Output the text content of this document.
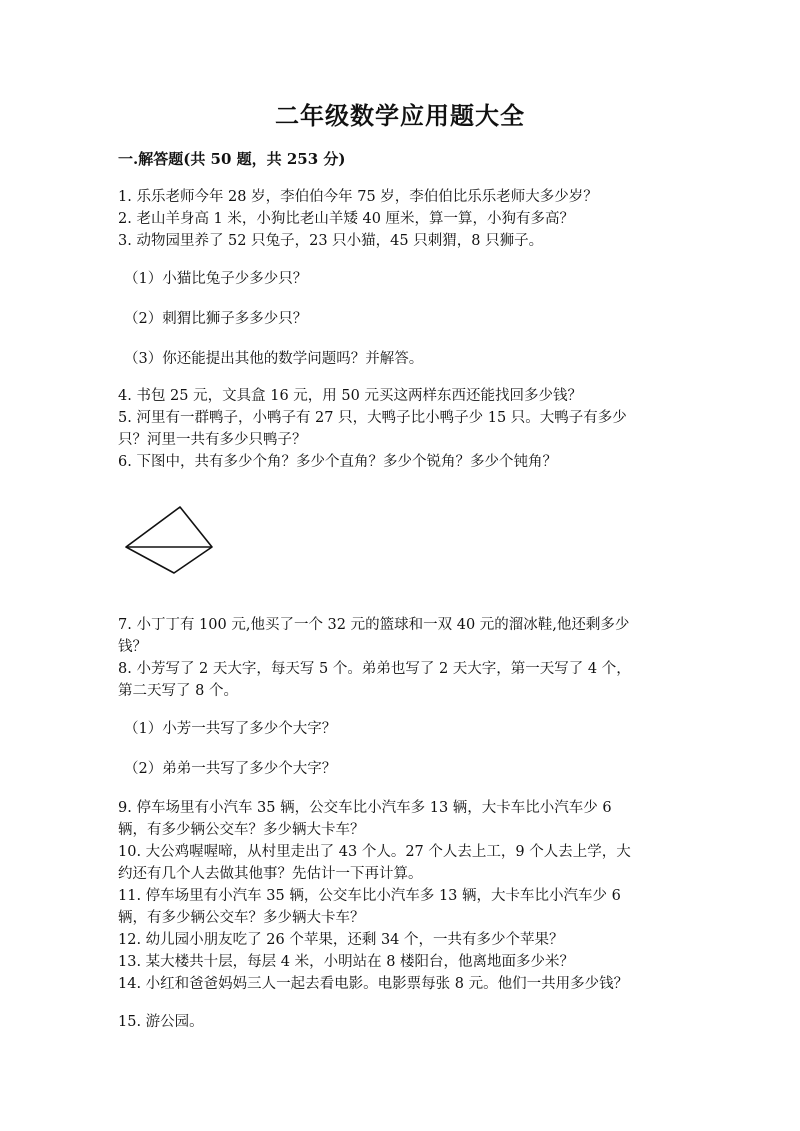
二年级数学应用题大全

一.解答题(共 50 题，共 253 分)

1. 乐乐老师今年 28 岁，李伯伯今年 75 岁，李伯伯比乐乐老师大多少岁？

2. 老山羊身高 1 米，小狗比老山羊矮 40 厘米，算一算，小狗有多高？

3. 动物园里养了 52 只兔子，23 只小猫，45 只刺猬，8 只狮子。

（1）小猫比兔子少多少只？

（2）刺猬比狮子多多少只？

（3）你还能提出其他的数学问题吗？并解答。

4. 书包 25 元，文具盒 16 元，用 50 元买这两样东西还能找回多少钱？

5. 河里有一群鸭子，小鸭子有 27 只，大鸭子比小鸭子少 15 只。大鸭子有多少

只？河里一共有多少只鸭子？

6. 下图中，共有多少个角？多少个直角？多少个锐角？多少个钝角？

7. 小丁丁有 100 元,他买了一个 32 元的篮球和一双 40 元的溜冰鞋,他还剩多少

钱？

8. 小芳写了 2 天大字，每天写 5 个。弟弟也写了 2 天大字，第一天写了 4 个，

第二天写了 8 个。

（1）小芳一共写了多少个大字？

（2）弟弟一共写了多少个大字？

9. 停车场里有小汽车 35 辆，公交车比小汽车多 13 辆，大卡车比小汽车少 6

辆，有多少辆公交车？多少辆大卡车？

10. 大公鸡喔喔啼，从村里走出了 43 个人。27 个人去上工，9 个人去上学，大

约还有几个人去做其他事？先估计一下再计算。

11. 停车场里有小汽车 35 辆，公交车比小汽车多 13 辆，大卡车比小汽车少 6

辆，有多少辆公交车？多少辆大卡车？

12. 幼儿园小朋友吃了 26 个苹果，还剩 34 个，一共有多少个苹果？

13. 某大楼共十层，每层 4 米，小明站在 8 楼阳台，他离地面多少米？

14. 小红和爸爸妈妈三人一起去看电影。电影票每张 8 元。他们一共用多少钱？

15. 游公园。
